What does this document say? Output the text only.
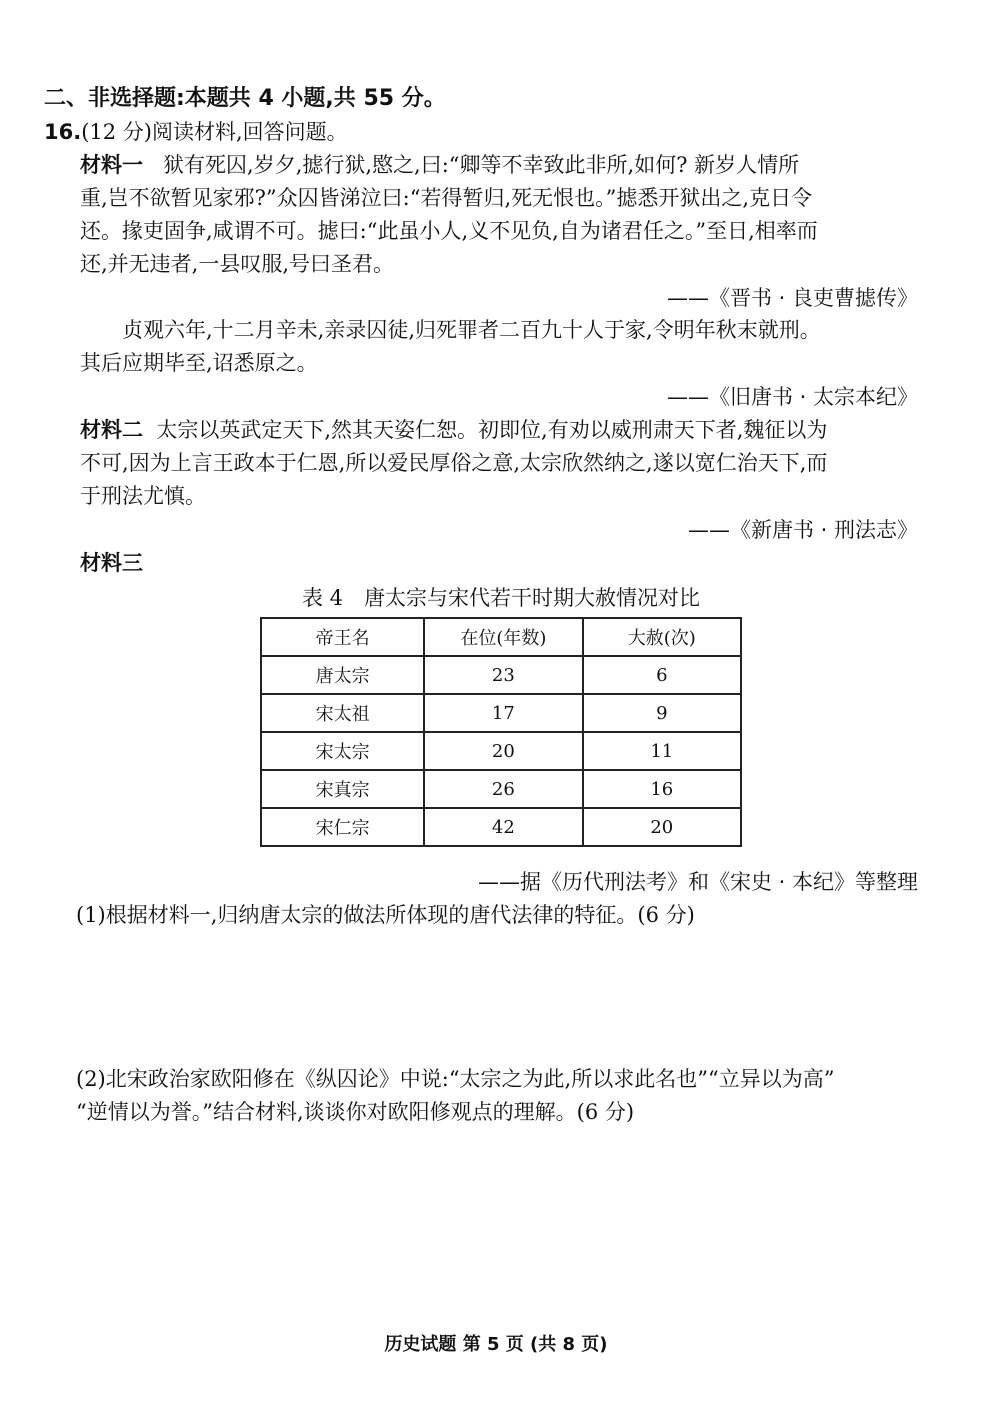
二、非选择题:本题共 4 小题,共 55 分。
16.(12 分)阅读材料,回答问题。
材料一 狱有死囚,岁夕,摅行狱,愍之,曰:“卿等不幸致此非所,如何? 新岁人情所
重,岂不欲暂见家邪?”众囚皆涕泣曰:“若得暂归,死无恨也。”摅悉开狱出之,克日令
还。掾吏固争,咸谓不可。摅曰:“此虽小人,义不见负,自为诸君任之。”至日,相率而
还,并无违者,一县叹服,号曰圣君。
——《晋书 · 良吏曹摅传》
贞观六年,十二月辛未,亲录囚徒,归死罪者二百九十人于家,令明年秋末就刑。
其后应期毕至,诏悉原之。
——《旧唐书 · 太宗本纪》
材料二 太宗以英武定天下,然其天姿仁恕。初即位,有劝以威刑肃天下者,魏征以为
不可,因为上言王政本于仁恩,所以爱民厚俗之意,太宗欣然纳之,遂以宽仁治天下,而
于刑法尤慎。
——《新唐书 · 刑法志》
材料三
表 4　唐太宗与宋代若干时期大赦情况对比
帝王名	在位(年数)	大赦(次)
唐太宗	23	6
宋太祖	17	9
宋太宗	20	11
宋真宗	26	16
宋仁宗	42	20
——据《历代刑法考》和《宋史 · 本纪》等整理
(1)根据材料一,归纳唐太宗的做法所体现的唐代法律的特征。(6 分)
(2)北宋政治家欧阳修在《纵囚论》中说:“太宗之为此,所以求此名也”“立异以为高”
“逆情以为誉。”结合材料,谈谈你对欧阳修观点的理解。(6 分)
历史试题 第 5 页 (共 8 页)
